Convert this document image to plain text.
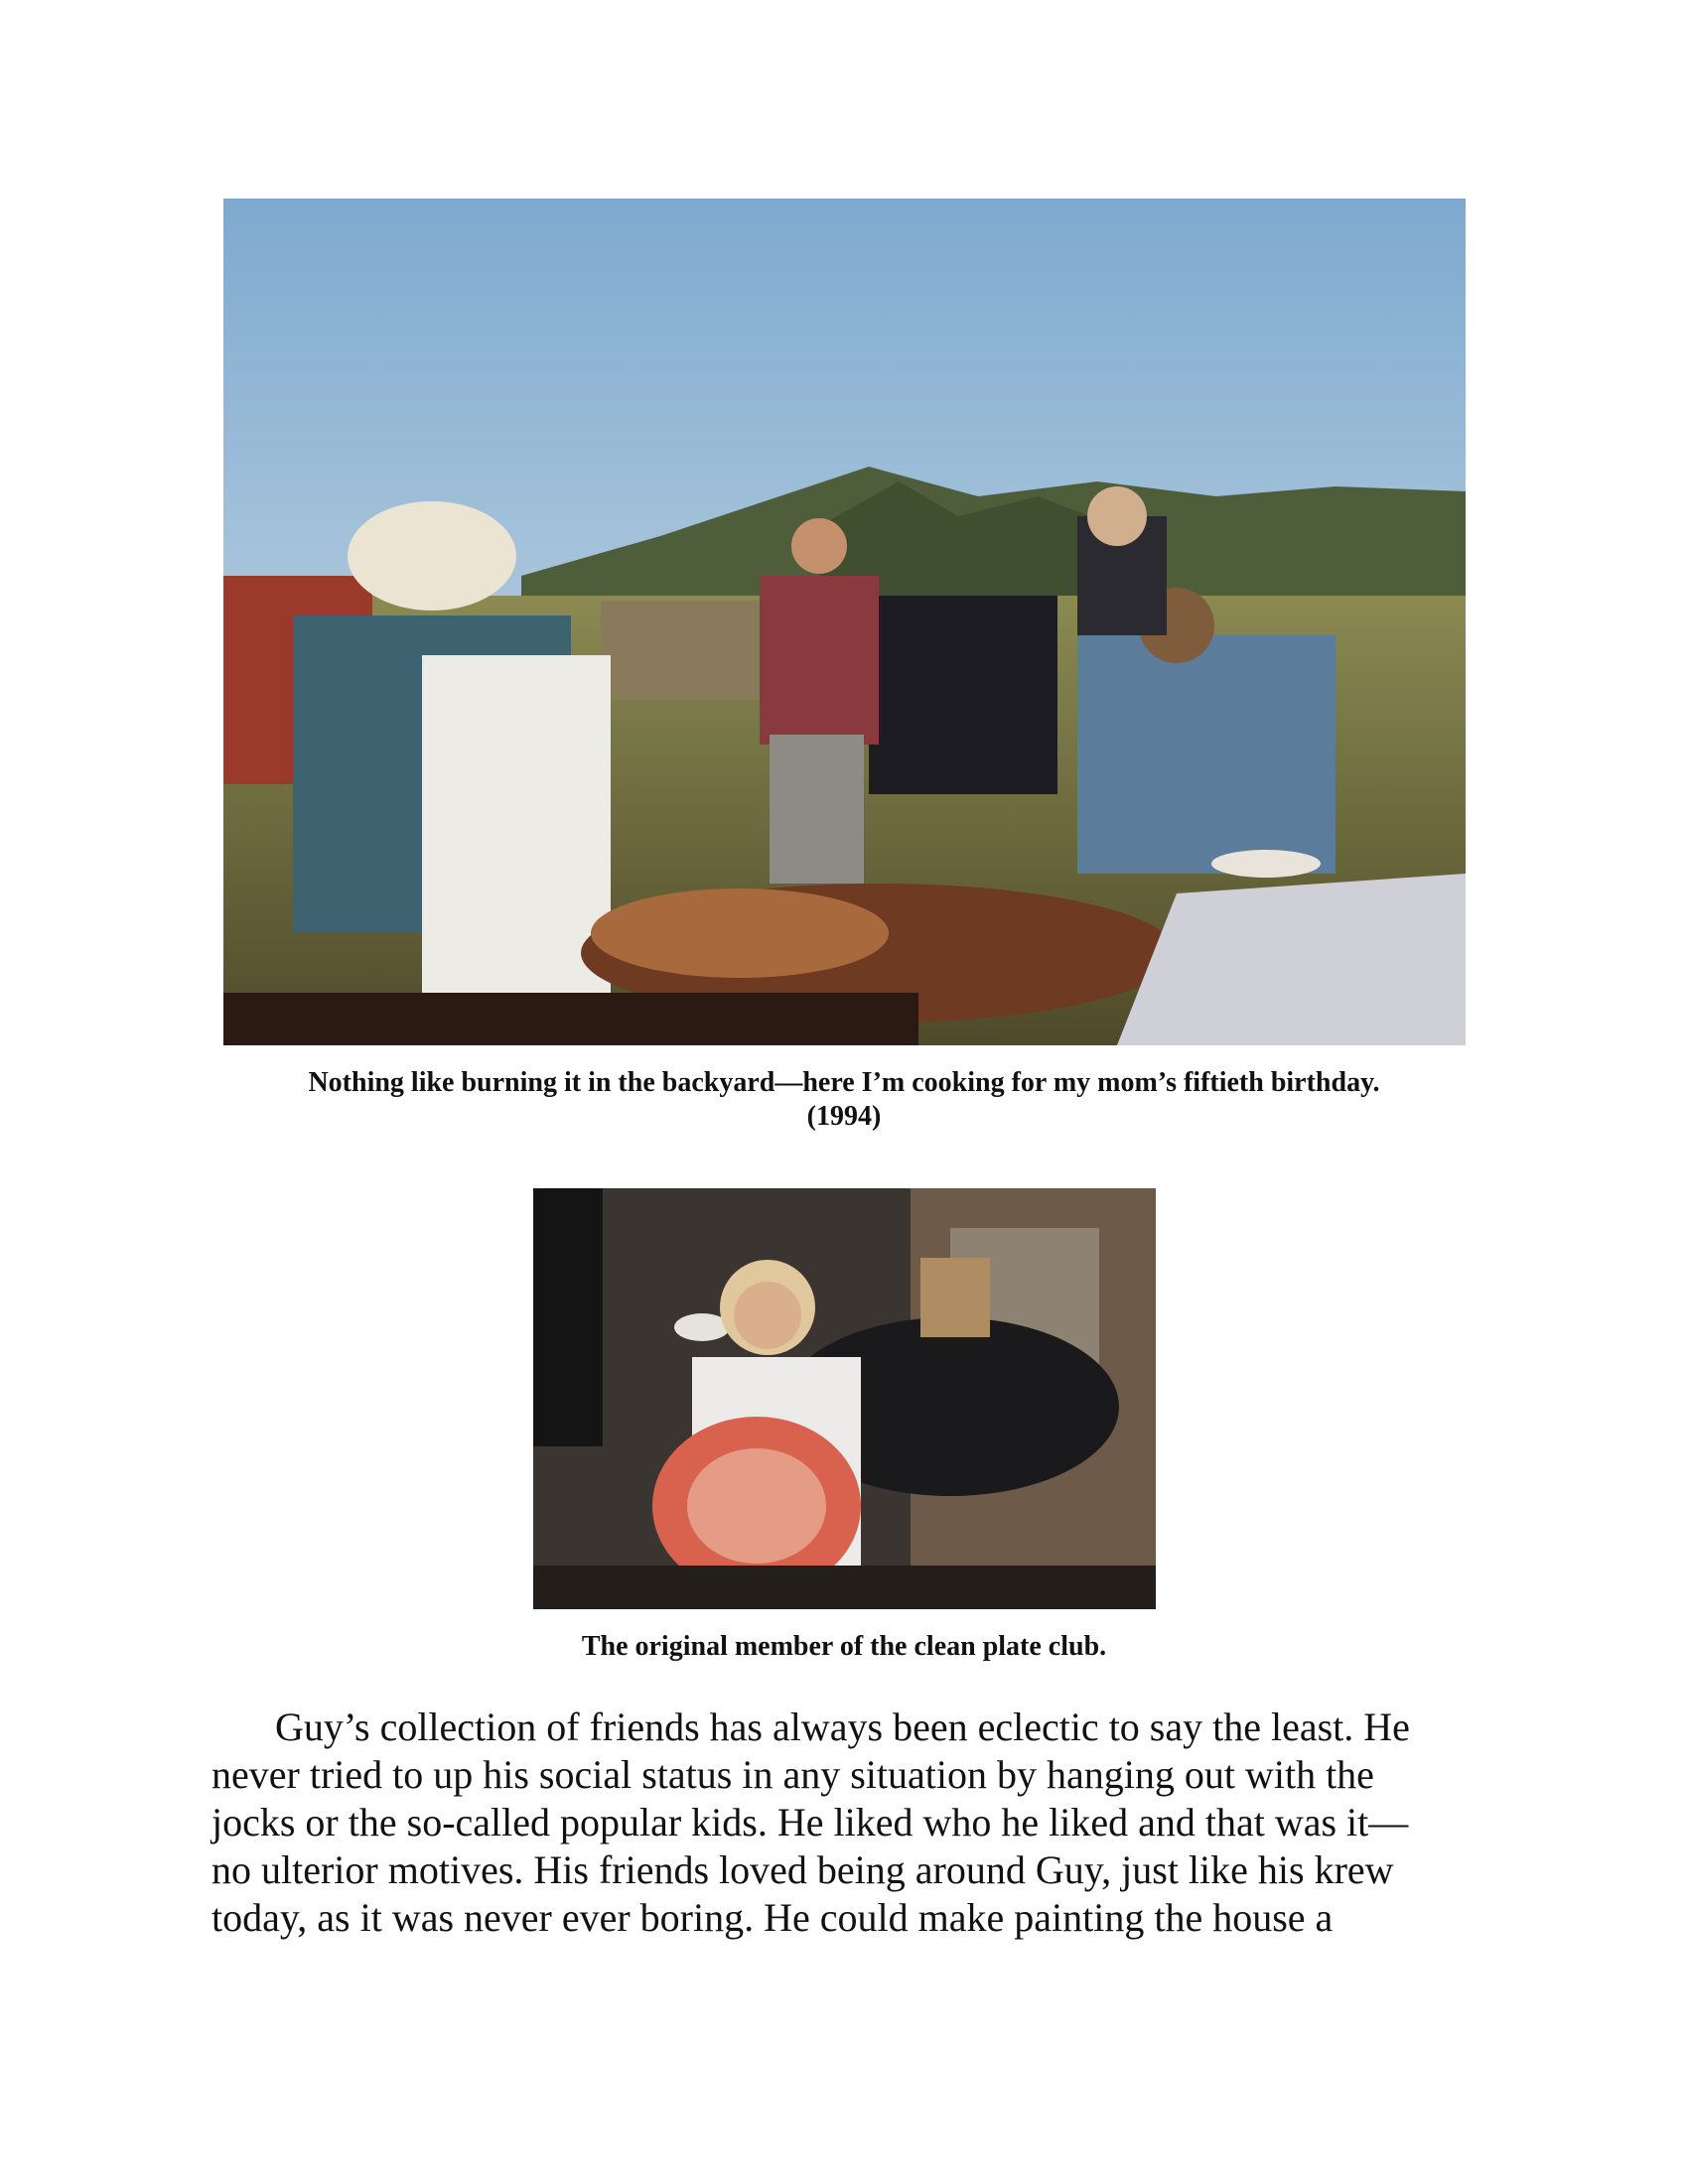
Nothing like burning it in the backyard—here I’m cooking for my mom’s fiftieth birthday.
(1994)
The original member of the clean plate club.
Guy’s collection of friends has always been eclectic to say the least. He
never tried to up his social status in any situation by hanging out with the
jocks or the so-called popular kids. He liked who he liked and that was it—
no ulterior motives. His friends loved being around Guy, just like his krew
today, as it was never ever boring. He could make painting the house a
